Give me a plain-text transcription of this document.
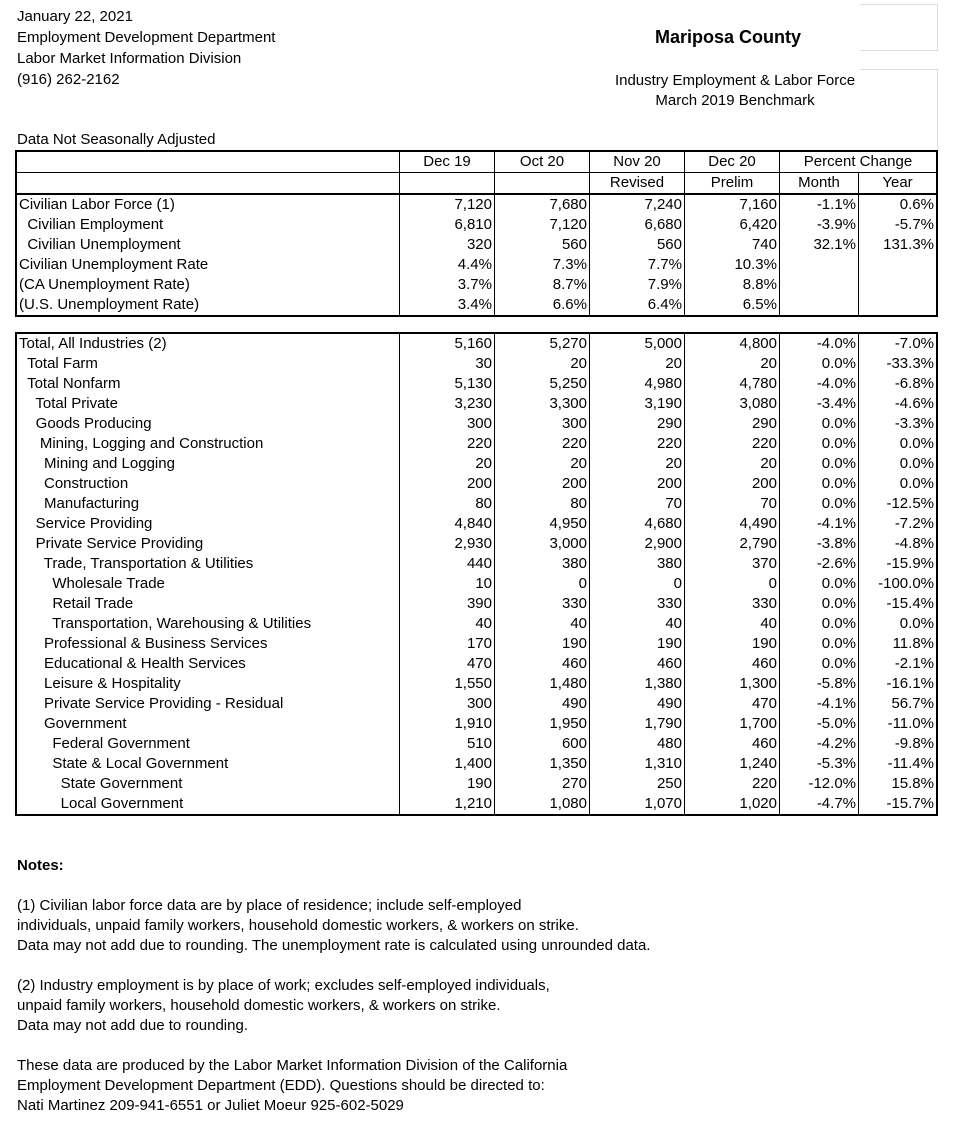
January 22, 2021
Employment Development Department
Labor Market Information Division
(916) 262-2162
Mariposa County
Industry Employment & Labor Force
March 2019 Benchmark
Data Not Seasonally Adjusted
	Dec 19	Oct 20	Nov 20	Dec 20	Percent Change	
			Revised	Prelim	Month	Year
Civilian Labor Force (1)	7,120	7,680	7,240	7,160	-1.1%	0.6%
Civilian Employment	6,810	7,120	6,680	6,420	-3.9%	-5.7%
Civilian Unemployment	320	560	560	740	32.1%	131.3%
Civilian Unemployment Rate	4.4%	7.3%	7.7%	10.3%		
(CA Unemployment Rate)	3.7%	8.7%	7.9%	8.8%		
(U.S. Unemployment Rate)	3.4%	6.6%	6.4%	6.5%		
Total, All Industries (2)	5,160	5,270	5,000	4,800	-4.0%	-7.0%
Total Farm	30	20	20	20	0.0%	-33.3%
Total Nonfarm	5,130	5,250	4,980	4,780	-4.0%	-6.8%
Total Private	3,230	3,300	3,190	3,080	-3.4%	-4.6%
Goods Producing	300	300	290	290	0.0%	-3.3%
Mining, Logging and Construction	220	220	220	220	0.0%	0.0%
Mining and Logging	20	20	20	20	0.0%	0.0%
Construction	200	200	200	200	0.0%	0.0%
Manufacturing	80	80	70	70	0.0%	-12.5%
Service Providing	4,840	4,950	4,680	4,490	-4.1%	-7.2%
Private Service Providing	2,930	3,000	2,900	2,790	-3.8%	-4.8%
Trade, Transportation & Utilities	440	380	380	370	-2.6%	-15.9%
Wholesale Trade	10	0	0	0	0.0%	-100.0%
Retail Trade	390	330	330	330	0.0%	-15.4%
Transportation, Warehousing & Utilities	40	40	40	40	0.0%	0.0%
Professional & Business Services	170	190	190	190	0.0%	11.8%
Educational & Health Services	470	460	460	460	0.0%	-2.1%
Leisure & Hospitality	1,550	1,480	1,380	1,300	-5.8%	-16.1%
Private Service Providing - Residual	300	490	490	470	-4.1%	56.7%
Government	1,910	1,950	1,790	1,700	-5.0%	-11.0%
Federal Government	510	600	480	460	-4.2%	-9.8%
State & Local Government	1,400	1,350	1,310	1,240	-5.3%	-11.4%
State Government	190	270	250	220	-12.0%	15.8%
Local Government	1,210	1,080	1,070	1,020	-4.7%	-15.7%

Notes:

(1) Civilian labor force data are by place of residence; include self-employed
individuals, unpaid family workers, household domestic workers, & workers on strike.
Data may not add due to rounding. The unemployment rate is calculated using unrounded data.

(2) Industry employment is by place of work; excludes self-employed individuals,
unpaid family workers, household domestic workers, & workers on strike.
Data may not add due to rounding.

These data are produced by the Labor Market Information Division of the California
Employment Development Department (EDD). Questions should be directed to:
Nati Martinez 209-941-6551 or Juliet Moeur 925-602-5029
